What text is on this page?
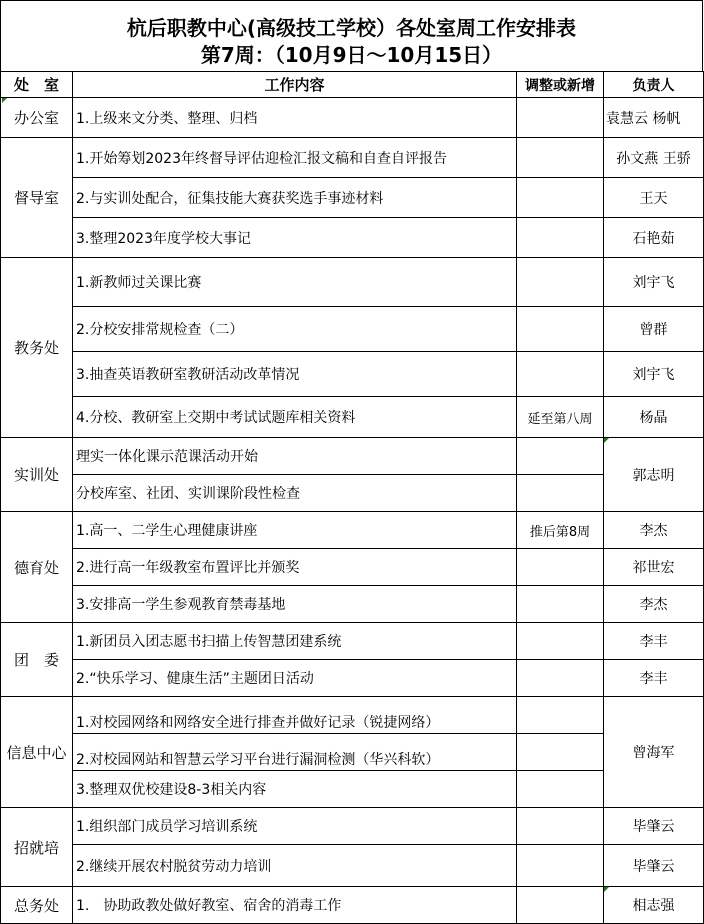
杭后职教中心(高级技工学校）各处室周工作安排表
第7周：（10月9日～10月15日）
处　室	工作内容	调整或新增	负责人
办公室	1.上级来文分类、整理、归档		袁慧云 杨帆
督导室	1.开始筹划2023年终督导评估迎检汇报文稿和自查自评报告		孙文燕 王骄
	2.与实训处配合，征集技能大赛获奖选手事迹材料		王天
	3.整理2023年度学校大事记		石艳茹
教务处	1.新教师过关课比赛		刘宇飞
	2.分校安排常规检查（二）		曾群
	3.抽查英语教研室教研活动改革情况		刘宇飞
	4.分校、教研室上交期中考试试题库相关资料	延至第八周	杨晶
实训处	理实一体化课示范课活动开始		郭志明
	分校库室、社团、实训课阶段性检查		
德育处	1.高一、二学生心理健康讲座	推后第8周	李杰
	2.进行高一年级教室布置评比并颁奖		祁世宏
	3.安排高一学生参观教育禁毒基地		李杰
团　委	1.新团员入团志愿书扫描上传智慧团建系统		李丰
	2.“快乐学习、健康生活”主题团日活动		李丰
信息中心	1.对校园网络和网络安全进行排查并做好记录（锐捷网络）		曾海军
	2.对校园网站和智慧云学习平台进行漏洞检测（华兴科软）		
	3.整理双优校建设8-3相关内容		
招就培	1.组织部门成员学习培训系统		毕肇云
	2.继续开展农村脱贫劳动力培训		毕肇云
总务处	1.　协助政教处做好教室、宿舍的消毒工作		相志强
